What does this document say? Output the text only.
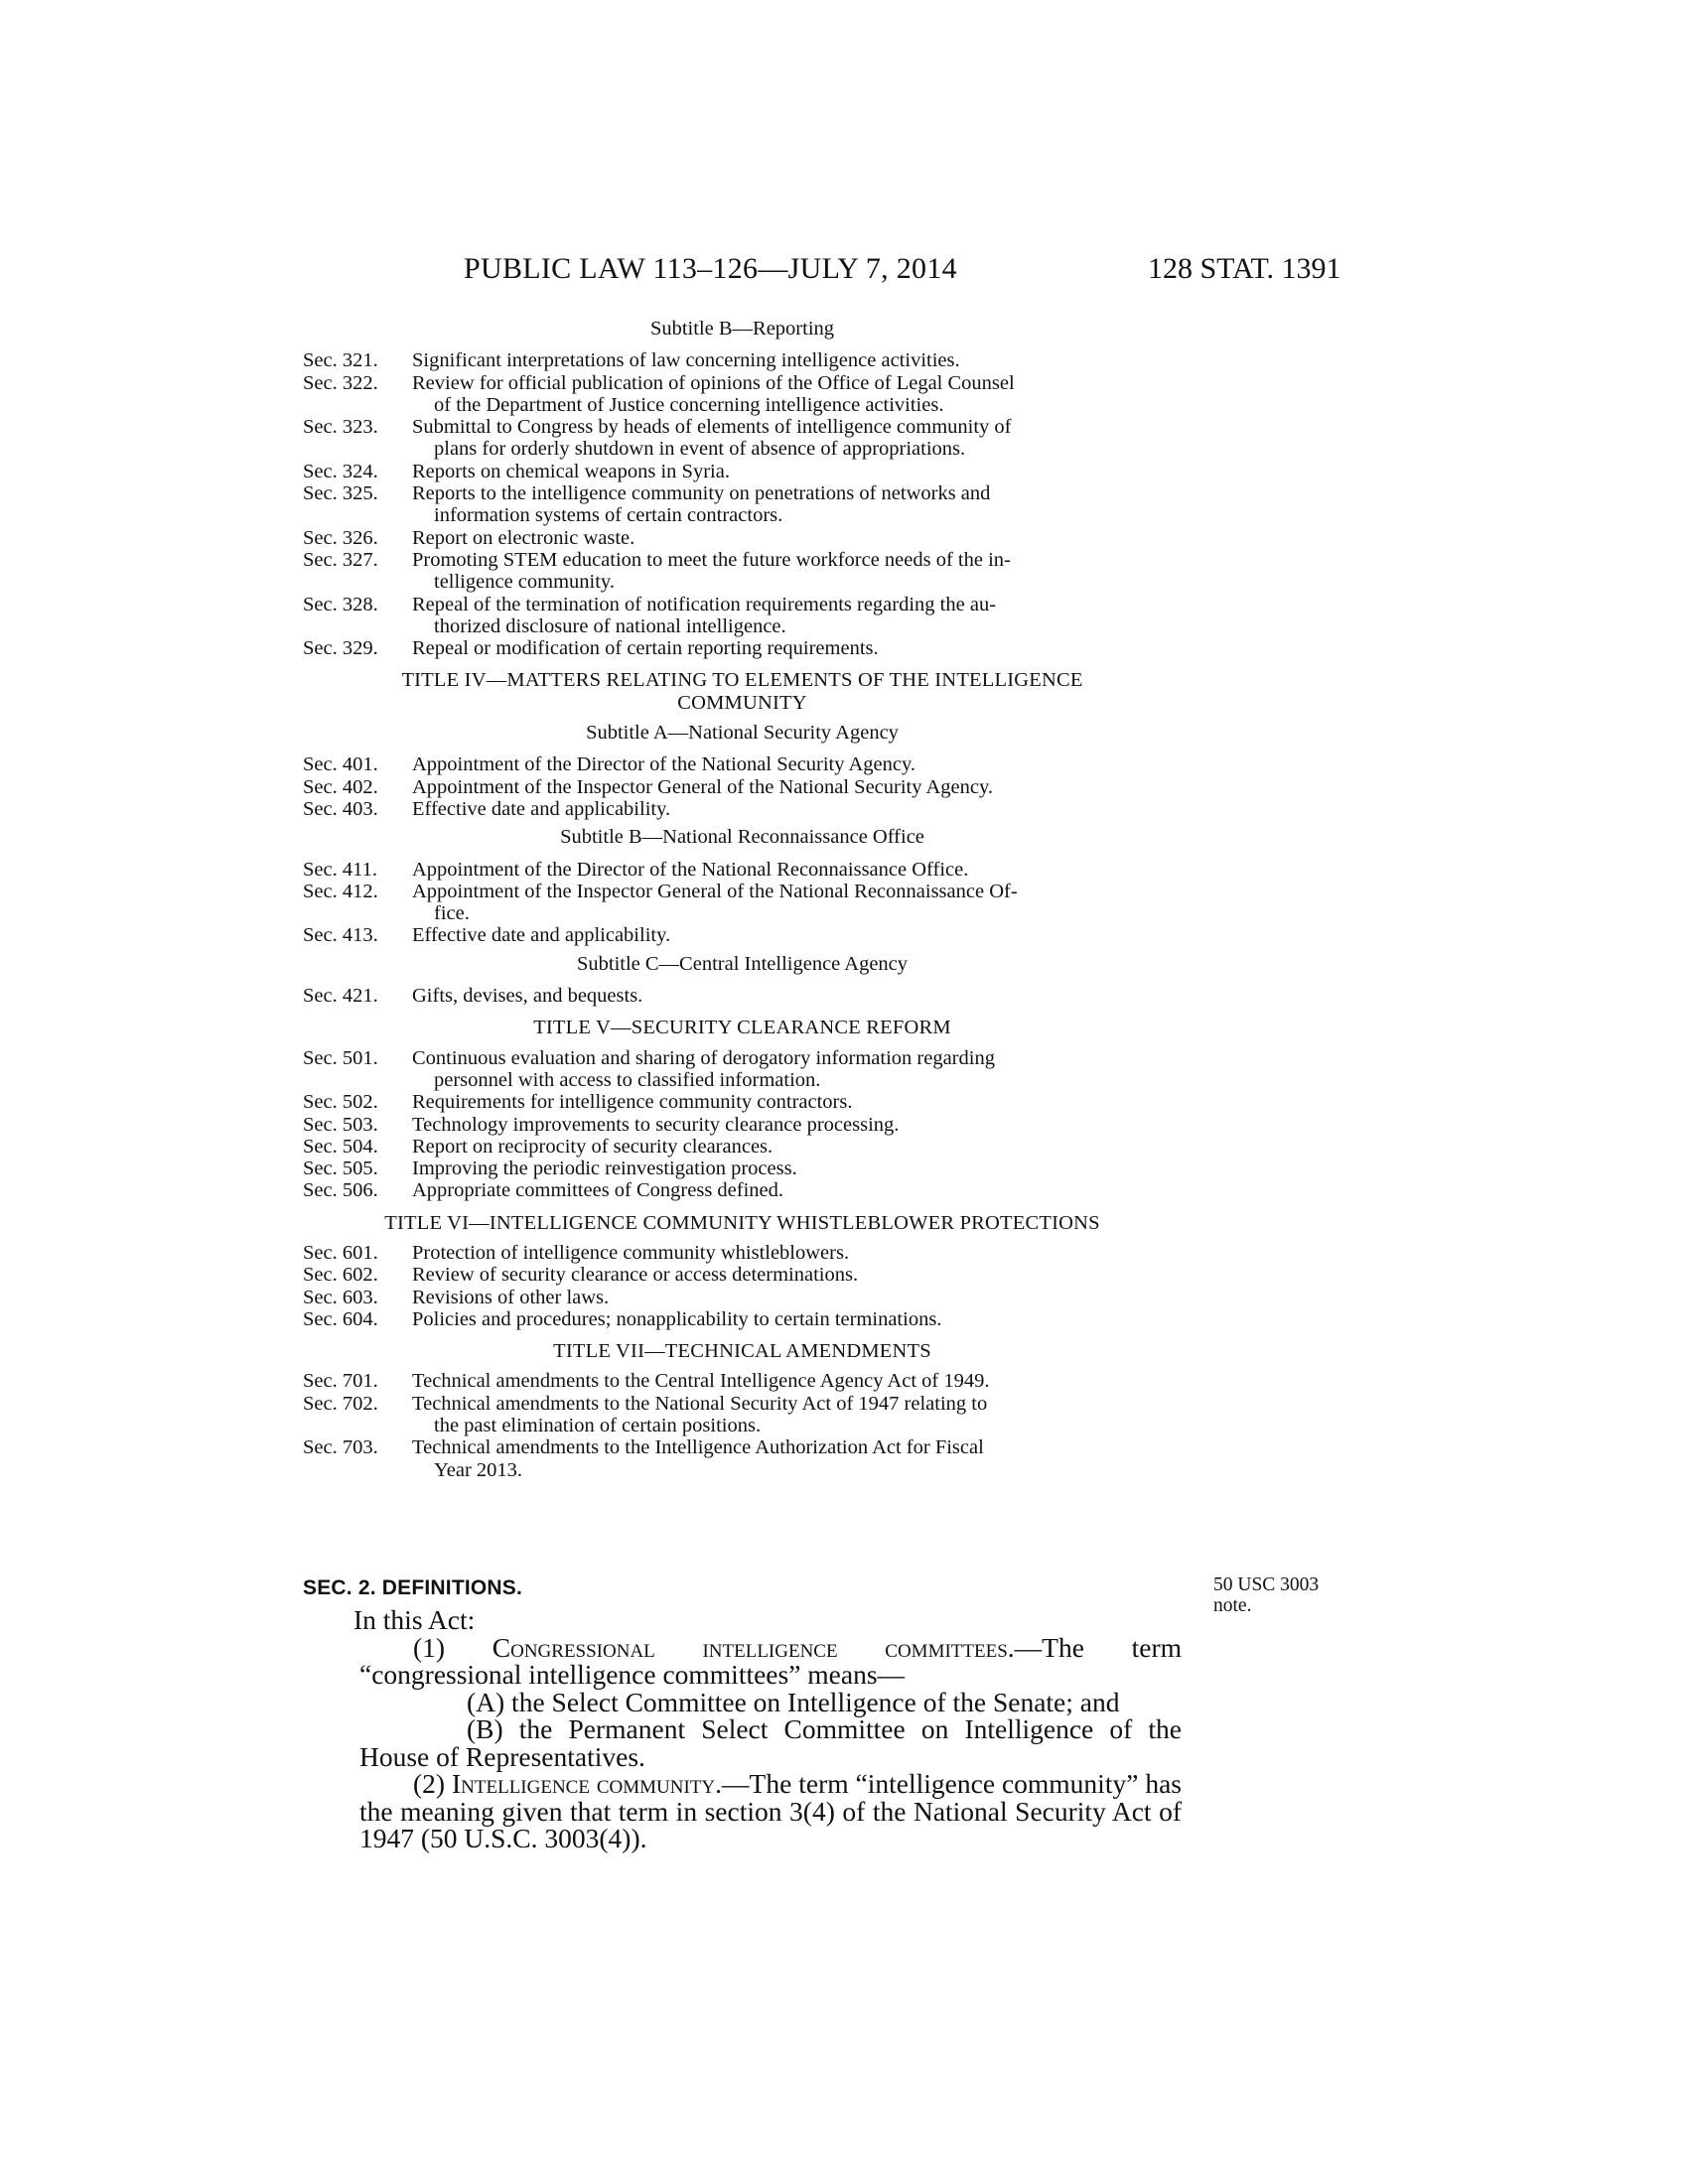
PUBLIC LAW 113–126—JULY 7, 2014	128 STAT. 1391
Subtitle B—Reporting
Sec. 321.	Significant interpretations of law concerning intelligence activities.
Sec. 322.	Review for official publication of opinions of the Office of Legal Counsel
of the Department of Justice concerning intelligence activities.
Sec. 323.	Submittal to Congress by heads of elements of intelligence community of
plans for orderly shutdown in event of absence of appropriations.
Sec. 324.	Reports on chemical weapons in Syria.
Sec. 325.	Reports to the intelligence community on penetrations of networks and
information systems of certain contractors.
Sec. 326.	Report on electronic waste.
Sec. 327.	Promoting STEM education to meet the future workforce needs of the in-
telligence community.
Sec. 328.	Repeal of the termination of notification requirements regarding the au-
thorized disclosure of national intelligence.
Sec. 329.	Repeal or modification of certain reporting requirements.
TITLE IV—MATTERS RELATING TO ELEMENTS OF THE INTELLIGENCE
COMMUNITY
Subtitle A—National Security Agency
Sec. 401.	Appointment of the Director of the National Security Agency.
Sec. 402.	Appointment of the Inspector General of the National Security Agency.
Sec. 403.	Effective date and applicability.
Subtitle B—National Reconnaissance Office
Sec. 411.	Appointment of the Director of the National Reconnaissance Office.
Sec. 412.	Appointment of the Inspector General of the National Reconnaissance Of-
fice.
Sec. 413.	Effective date and applicability.
Subtitle C—Central Intelligence Agency
Sec. 421.	Gifts, devises, and bequests.
TITLE V—SECURITY CLEARANCE REFORM
Sec. 501.	Continuous evaluation and sharing of derogatory information regarding
personnel with access to classified information.
Sec. 502.	Requirements for intelligence community contractors.
Sec. 503.	Technology improvements to security clearance processing.
Sec. 504.	Report on reciprocity of security clearances.
Sec. 505.	Improving the periodic reinvestigation process.
Sec. 506.	Appropriate committees of Congress defined.
TITLE VI—INTELLIGENCE COMMUNITY WHISTLEBLOWER PROTECTIONS
Sec. 601.	Protection of intelligence community whistleblowers.
Sec. 602.	Review of security clearance or access determinations.
Sec. 603.	Revisions of other laws.
Sec. 604.	Policies and procedures; nonapplicability to certain terminations.
TITLE VII—TECHNICAL AMENDMENTS
Sec. 701.	Technical amendments to the Central Intelligence Agency Act of 1949.
Sec. 702.	Technical amendments to the National Security Act of 1947 relating to
the past elimination of certain positions.
Sec. 703.	Technical amendments to the Intelligence Authorization Act for Fiscal
Year 2013.
SEC. 2. DEFINITIONS.	50 USC 3003 note.

In this Act:

(1) Congressional intelligence committees.—The term “congressional intelligence committees” means—

(A) the Select Committee on Intelligence of the Senate; and

(B) the Permanent Select Committee on Intelligence of the House of Representatives.

(2) Intelligence community.—The term “intelligence community” has the meaning given that term in section 3(4) of the National Security Act of 1947 (50 U.S.C. 3003(4)).
